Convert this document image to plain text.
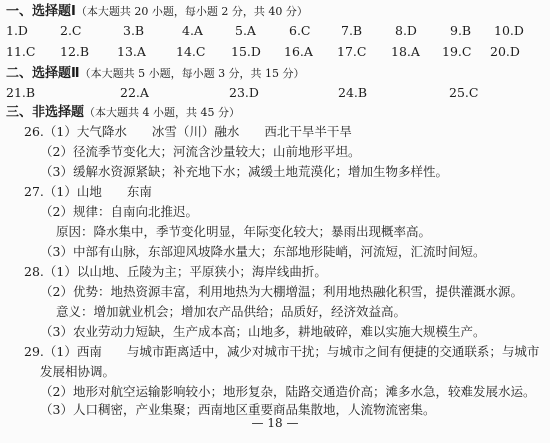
一、选择题Ⅰ（本大题共 20 小题，每小题 2 分，共 40 分）
1.D	2.C	3.B	4.A	5.A	6.C 7.B	8.D	9.B 10.D
11.C 12.B 13.A 14.C 15.D 16.A 17.C 18.A 19.C 20.D
二、选择题Ⅱ（本大题共 5 小题，每小题 3 分，共 15 分）
21.B	22.A	23.D	24.B	25.C
三、非选择题（本大题共 4 小题，共 45 分）
26.（1）大气降水　　冰雪（川）融水　　西北干旱半干旱
（2）径流季节变化大；河流含沙量较大；山前地形平坦。
（3）缓解水资源紧缺；补充地下水；减缓土地荒漠化；增加生物多样性。
27.（1）山地　　东南
（2）规律：自南向北推迟。
原因：降水集中，季节变化明显，年际变化较大；暴雨出现概率高。
（3）中部有山脉，东部迎风坡降水量大；东部地形陡峭，河流短，汇流时间短。
28.（1）以山地、丘陵为主；平原狭小；海岸线曲折。
（2）优势：地热资源丰富，利用地热为大棚增温；利用地热融化积雪，提供灌溉水源。
意义：增加就业机会；增加农产品供给；品质好，经济效益高。
（3）农业劳动力短缺，生产成本高；山地多，耕地破碎，难以实施大规模生产。
29.（1）西南　　与城市距离适中，减少对城市干扰；与城市之间有便捷的交通联系；与城市
发展相协调。
（2）地形对航空运输影响较小；地形复杂，陆路交通造价高；滩多水急，较难发展水运。
（3）人口稠密，产业集聚；西南地区重要商品集散地，人流物流密集。
— 18 —
